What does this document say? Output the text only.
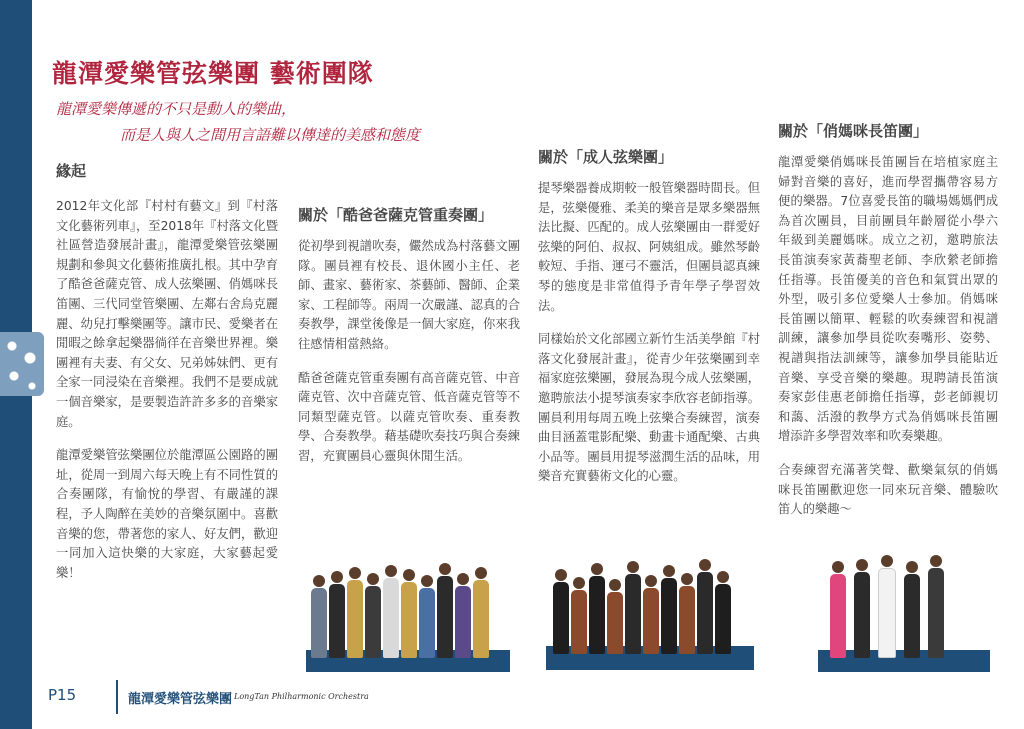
龍潭愛樂管弦樂團 藝術團隊
龍潭愛樂傳遞的不只是動人的樂曲，
而是人與人之間用言語難以傳達的美感和態度
緣起

2012年文化部『村村有藝文』到『村落文化藝術列車』，至2018年『村落文化暨社區營造發展計畫』，龍潭愛樂管弦樂團規劃和參與文化藝術推廣扎根。其中孕育了酷爸爸薩克管、成人弦樂團、俏媽咪長笛團、三代同堂管樂團、左鄰右舍烏克麗麗、幼兒打擊樂團等。讓市民、愛樂者在閒暇之餘拿起樂器徜徉在音樂世界裡。樂團裡有夫妻、有父女、兄弟姊妹們、更有全家一同浸染在音樂裡。我們不是要成就一個音樂家，是要製造許許多多的音樂家庭。

龍潭愛樂管弦樂團位於龍潭區公園路的團址，從周一到周六每天晚上有不同性質的合奏團隊，有愉悅的學習、有嚴謹的課程，予人陶醉在美妙的音樂氛圍中。喜歡音樂的您，帶著您的家人、好友們，歡迎一同加入這快樂的大家庭，大家藝起愛樂！

關於「酷爸爸薩克管重奏團」

從初學到視譜吹奏，儼然成為村落藝文團隊。團員裡有校長、退休國小主任、老師、畫家、藝術家、茶藝師、醫師、企業家、工程師等。兩周一次嚴謹、認真的合奏教學，課堂後像是一個大家庭，你來我往感情相當熱絡。

酷爸爸薩克管重奏團有高音薩克管、中音薩克管、次中音薩克管、低音薩克管等不同類型薩克管。以薩克管吹奏、重奏教學、合奏教學。藉基礎吹奏技巧與合奏練習，充實團員心靈與休閒生活。

關於「成人弦樂團」

提琴樂器養成期較一般管樂器時間長。但是，弦樂優雅、柔美的樂音是眾多樂器無法比擬、匹配的。成人弦樂團由一群愛好弦樂的阿伯、叔叔、阿姨組成。雖然琴齡較短、手指、運弓不靈活，但團員認真練琴的態度是非常值得予青年學子學習效法。

同樣始於文化部國立新竹生活美學館『村落文化發展計畫』，從青少年弦樂團到幸福家庭弦樂團，發展為現今成人弦樂團，邀聘旅法小提琴演奏家李欣容老師指導。團員利用每周五晚上弦樂合奏練習，演奏曲目涵蓋電影配樂、動畫卡通配樂、古典小品等。團員用提琴滋潤生活的品味，用樂音充實藝術文化的心靈。

關於「俏媽咪長笛團」

龍潭愛樂俏媽咪長笛團旨在培植家庭主婦對音樂的喜好，進而學習攜帶容易方便的樂器。7位喜愛長笛的職場媽媽們成為首次團員，目前團員年齡層從小學六年級到美麗媽咪。成立之初，邀聘旅法長笛演奏家黃蕎聖老師、李欣縈老師擔任指導。長笛優美的音色和氣質出眾的外型，吸引多位愛樂人士參加。俏媽咪長笛團以簡單、輕鬆的吹奏練習和視譜訓練，讓參加學員從吹奏嘴形、姿勢、視譜與指法訓練等，讓參加學員能貼近音樂、享受音樂的樂趣。現聘請長笛演奏家彭佳惠老師擔任指導，彭老師親切和藹、活潑的教學方式為俏媽咪長笛團增添許多學習效率和吹奏樂趣。

合奏練習充滿著笑聲、歡樂氣氛的俏媽咪長笛團歡迎您一同來玩音樂、體驗吹笛人的樂趣～

P15	龍潭愛樂管弦樂團 LongTan Philharmonic Orchestra
